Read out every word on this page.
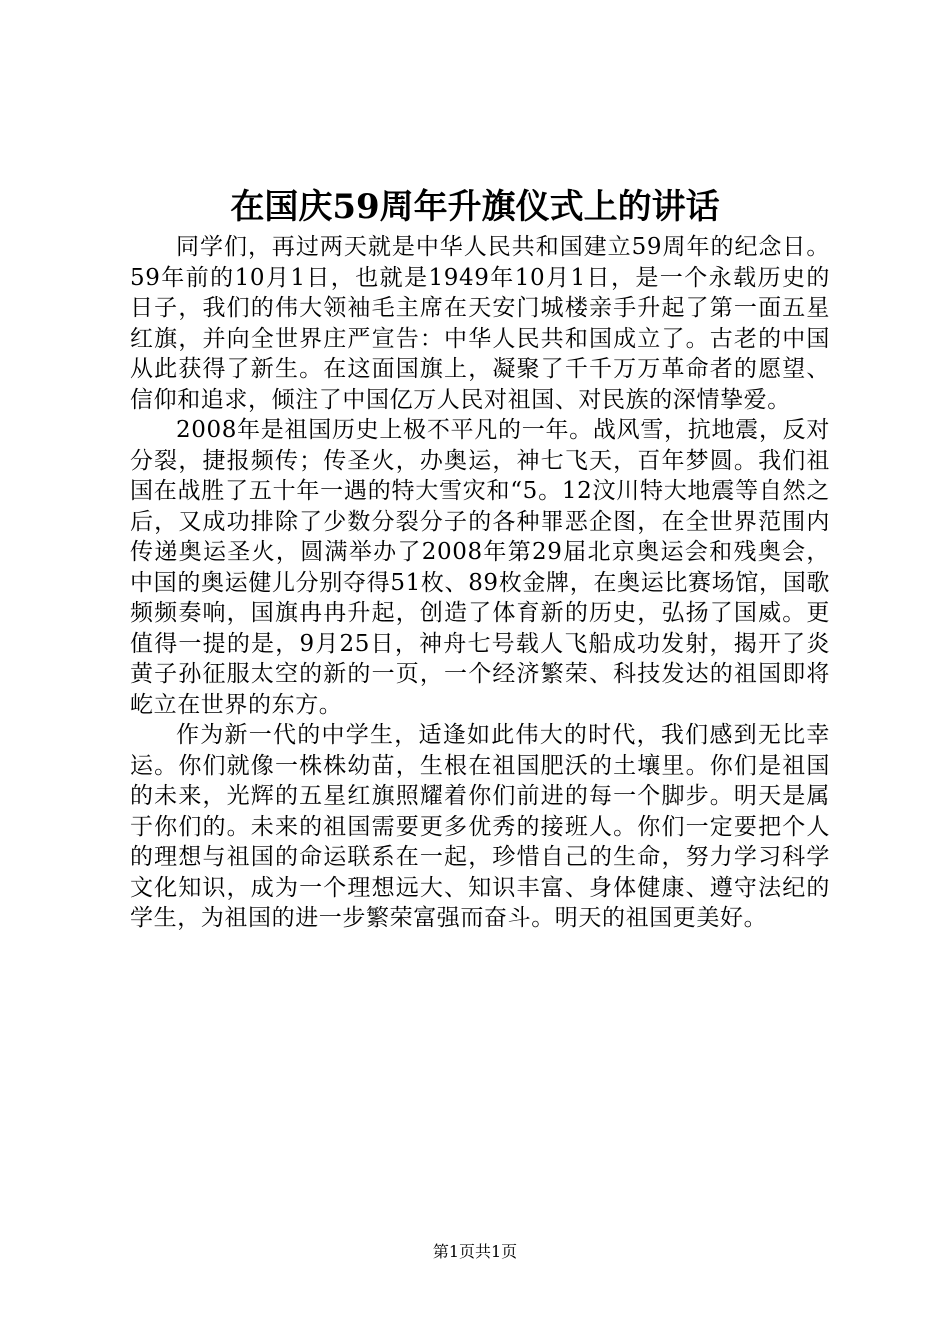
在国庆59周年升旗仪式上的讲话

同学们，再过两天就是中华人民共和国建立59周年的纪念日。59年前的10月1日，也就是1949年10月1日，是一个永载历史的日子，我们的伟大领袖毛主席在天安门城楼亲手升起了第一面五星红旗，并向全世界庄严宣告：中华人民共和国成立了。古老的中国从此获得了新生。在这面国旗上，凝聚了千千万万革命者的愿望、信仰和追求，倾注了中国亿万人民对祖国、对民族的深情挚爱。

2008年是祖国历史上极不平凡的一年。战风雪，抗地震，反对分裂，捷报频传；传圣火，办奥运，神七飞天，百年梦圆。我们祖国在战胜了五十年一遇的特大雪灾和“5。12汶川特大地震等自然之后，又成功排除了少数分裂分子的各种罪恶企图，在全世界范围内传递奥运圣火，圆满举办了2008年第29届北京奥运会和残奥会，中国的奥运健儿分别夺得51枚、89枚金牌，在奥运比赛场馆，国歌频频奏响，国旗冉冉升起，创造了体育新的历史，弘扬了国威。更值得一提的是，9月25日，神舟七号载人飞船成功发射，揭开了炎黄子孙征服太空的新的一页，一个经济繁荣、科技发达的祖国即将屹立在世界的东方。

作为新一代的中学生，适逢如此伟大的时代，我们感到无比幸运。你们就像一株株幼苗，生根在祖国肥沃的土壤里。你们是祖国的未来，光辉的五星红旗照耀着你们前进的每一个脚步。明天是属于你们的。未来的祖国需要更多优秀的接班人。你们一定要把个人的理想与祖国的命运联系在一起，珍惜自己的生命，努力学习科学文化知识，成为一个理想远大、知识丰富、身体健康、遵守法纪的学生，为祖国的进一步繁荣富强而奋斗。明天的祖国更美好。

第1页共1页
